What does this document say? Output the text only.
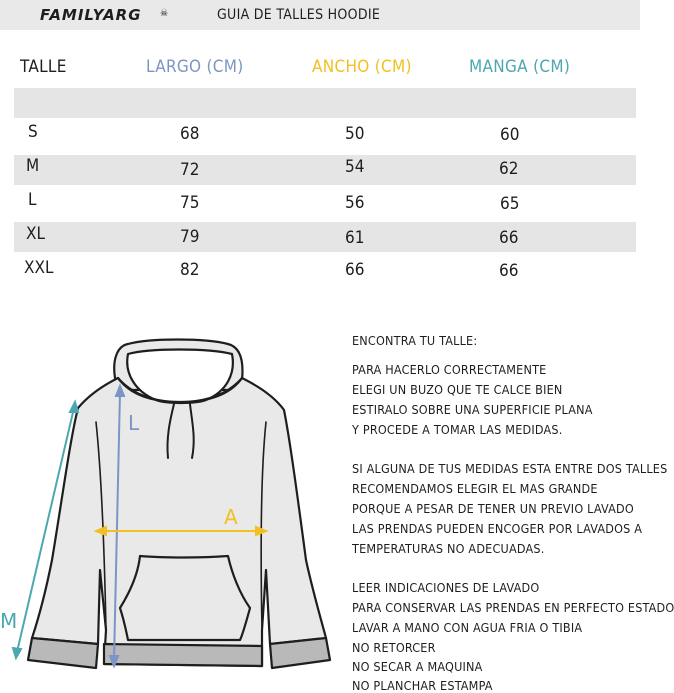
FAMILYARG ☠	GUIA DE TALLES HOODIE
TALLE	LARGO (CM)	ANCHO (CM)	MANGA (CM)
S	68	50	60
M	72	54	62
L	75	56	65
XL	79	61	66
XXL	82	66	66
L
A
M
ENCONTRA TU TALLE:
PARA HACERLO CORRECTAMENTE
ELEGI UN BUZO QUE TE CALCE BIEN
ESTIRALO SOBRE UNA SUPERFICIE PLANA
Y PROCEDE A TOMAR LAS MEDIDAS.
SI ALGUNA DE TUS MEDIDAS ESTA ENTRE DOS TALLES
RECOMENDAMOS ELEGIR EL MAS GRANDE
PORQUE A PESAR DE TENER UN PREVIO LAVADO
LAS PRENDAS PUEDEN ENCOGER POR LAVADOS A
TEMPERATURAS NO ADECUADAS.
LEER INDICACIONES DE LAVADO
PARA CONSERVAR LAS PRENDAS EN PERFECTO ESTADO
LAVAR A MANO CON AGUA FRIA O TIBIA
NO RETORCER
NO SECAR A MAQUINA
NO PLANCHAR ESTAMPA
